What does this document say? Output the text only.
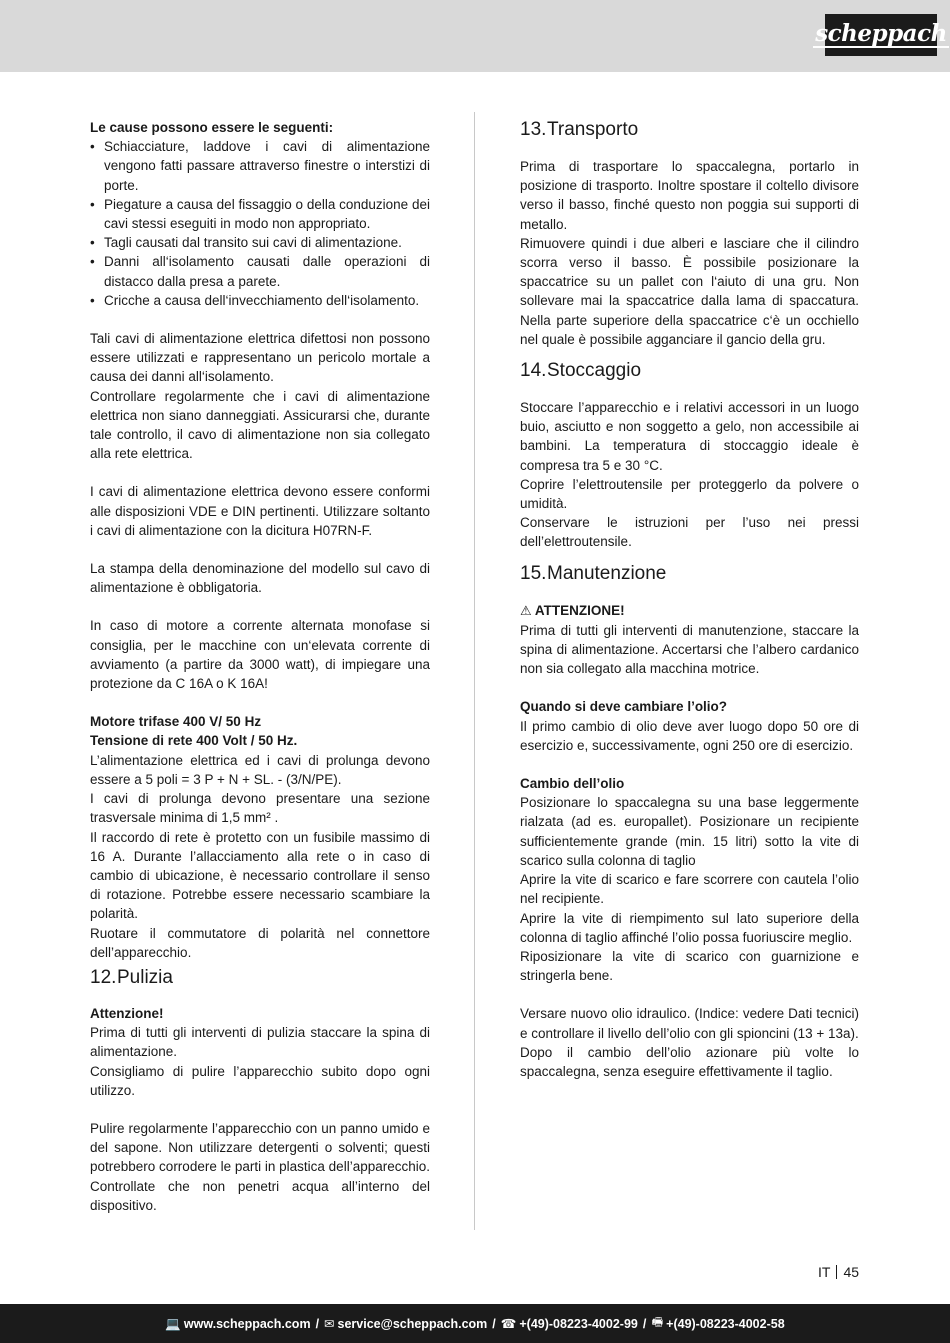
scheppach

Le cause possono essere le seguenti:

• Schiacciature, laddove i cavi di alimentazione vengono fatti passare attraverso finestre o interstizi di porte.
• Piegature a causa del fissaggio o della conduzione dei cavi stessi eseguiti in modo non appropriato.
• Tagli causati dal transito sui cavi di alimentazione.
• Danni all‘isolamento causati dalle operazioni di distacco dalla presa a parete.
• Cricche a causa dell‘invecchiamento dell‘isolamento.

Tali cavi di alimentazione elettrica difettosi non possono essere utilizzati e rappresentano un pericolo mortale a causa dei danni all‘isolamento.

Controllare regolarmente che i cavi di alimentazione elettrica non siano danneggiati. Assicurarsi che, durante tale controllo, il cavo di alimentazione non sia collegato alla rete elettrica.

I cavi di alimentazione elettrica devono essere conformi alle disposizioni VDE e DIN pertinenti. Utilizzare soltanto i cavi di alimentazione con la dicitura H07RN-F.

La stampa della denominazione del modello sul cavo di alimentazione è obbligatoria.

In caso di motore a corrente alternata monofase si consiglia, per le macchine con un‘elevata corrente di avviamento (a partire da 3000 watt), di impiegare una protezione da C 16A o K 16A!

Motore trifase 400 V/ 50 Hz

Tensione di rete 400 Volt / 50 Hz.

L’alimentazione elettrica ed i cavi di prolunga devono essere a 5 poli = 3 P + N + SL. - (3/N/PE).

I cavi di prolunga devono presentare una sezione trasversale minima di 1,5 mm² .

Il raccordo di rete è protetto con un fusibile massimo di 16 A. Durante l’allacciamento alla rete o in caso di cambio di ubicazione, è necessario controllare il senso di rotazione. Potrebbe essere necessario scambiare la polarità.

Ruotare il commutatore di polarità nel connettore dell’apparecchio.

12.Pulizia

Attenzione!

Prima di tutti gli interventi di pulizia staccare la spina di alimentazione.

Consigliamo di pulire l’apparecchio subito dopo ogni utilizzo.

Pulire regolarmente l’apparecchio con un panno umido e del sapone. Non utilizzare detergenti o solventi; questi potrebbero corrodere le parti in plastica dell’apparecchio. Controllate che non penetri acqua all’interno del dispositivo.

13.Transporto

Prima di trasportare lo spaccalegna, portarlo in posizione di trasporto. Inoltre spostare il coltello divisore verso il basso, finché questo non poggia sui supporti di metallo.

Rimuovere quindi i due alberi e lasciare che il cilindro scorra verso il basso. È possibile posizionare la spaccatrice su un pallet con l‘aiuto di una gru. Non sollevare mai la spaccatrice dalla lama di spaccatura. Nella parte superiore della spaccatrice c‘è un occhiello nel quale è possibile agganciare il gancio della gru.

14.Stoccaggio

Stoccare l’apparecchio e i relativi accessori in un luogo buio, asciutto e non soggetto a gelo, non accessibile ai bambini. La temperatura di stoccaggio ideale è compresa tra 5 e 30 °C.

Coprire l’elettroutensile per proteggerlo da polvere o umidità.

Conservare le istruzioni per l’uso nei pressi dell’elettroutensile.

15.Manutenzione

⚠ ATTENZIONE!

Prima di tutti gli interventi di manutenzione, staccare la spina di alimentazione. Accertarsi che l’albero cardanico non sia collegato alla macchina motrice.

Quando si deve cambiare l’olio?

Il primo cambio di olio deve aver luogo dopo 50 ore di esercizio e, successivamente, ogni 250 ore di esercizio.

Cambio dell’olio

Posizionare lo spaccalegna su una base leggermente rialzata (ad es. europallet). Posizionare un recipiente sufficientemente grande (min. 15 litri) sotto la vite di scarico sulla colonna di taglio

Aprire la vite di scarico e fare scorrere con cautela l’olio nel recipiente.

Aprire la vite di riempimento sul lato superiore della colonna di taglio affinché l’olio possa fuoriuscire meglio.

Riposizionare la vite di scarico con guarnizione e stringerla bene.

Versare nuovo olio idraulico. (Indice: vedere Dati tecnici) e controllare il livello dell’olio con gli spioncini (13 + 13a).

Dopo il cambio dell’olio azionare più volte lo spaccalegna, senza eseguire effettivamente il taglio.

IT 45
💻 www.scheppach.com / ✉ service@scheppach.com / ☎ +(49)-08223-4002-99 / 🖷 +(49)-08223-4002-58
